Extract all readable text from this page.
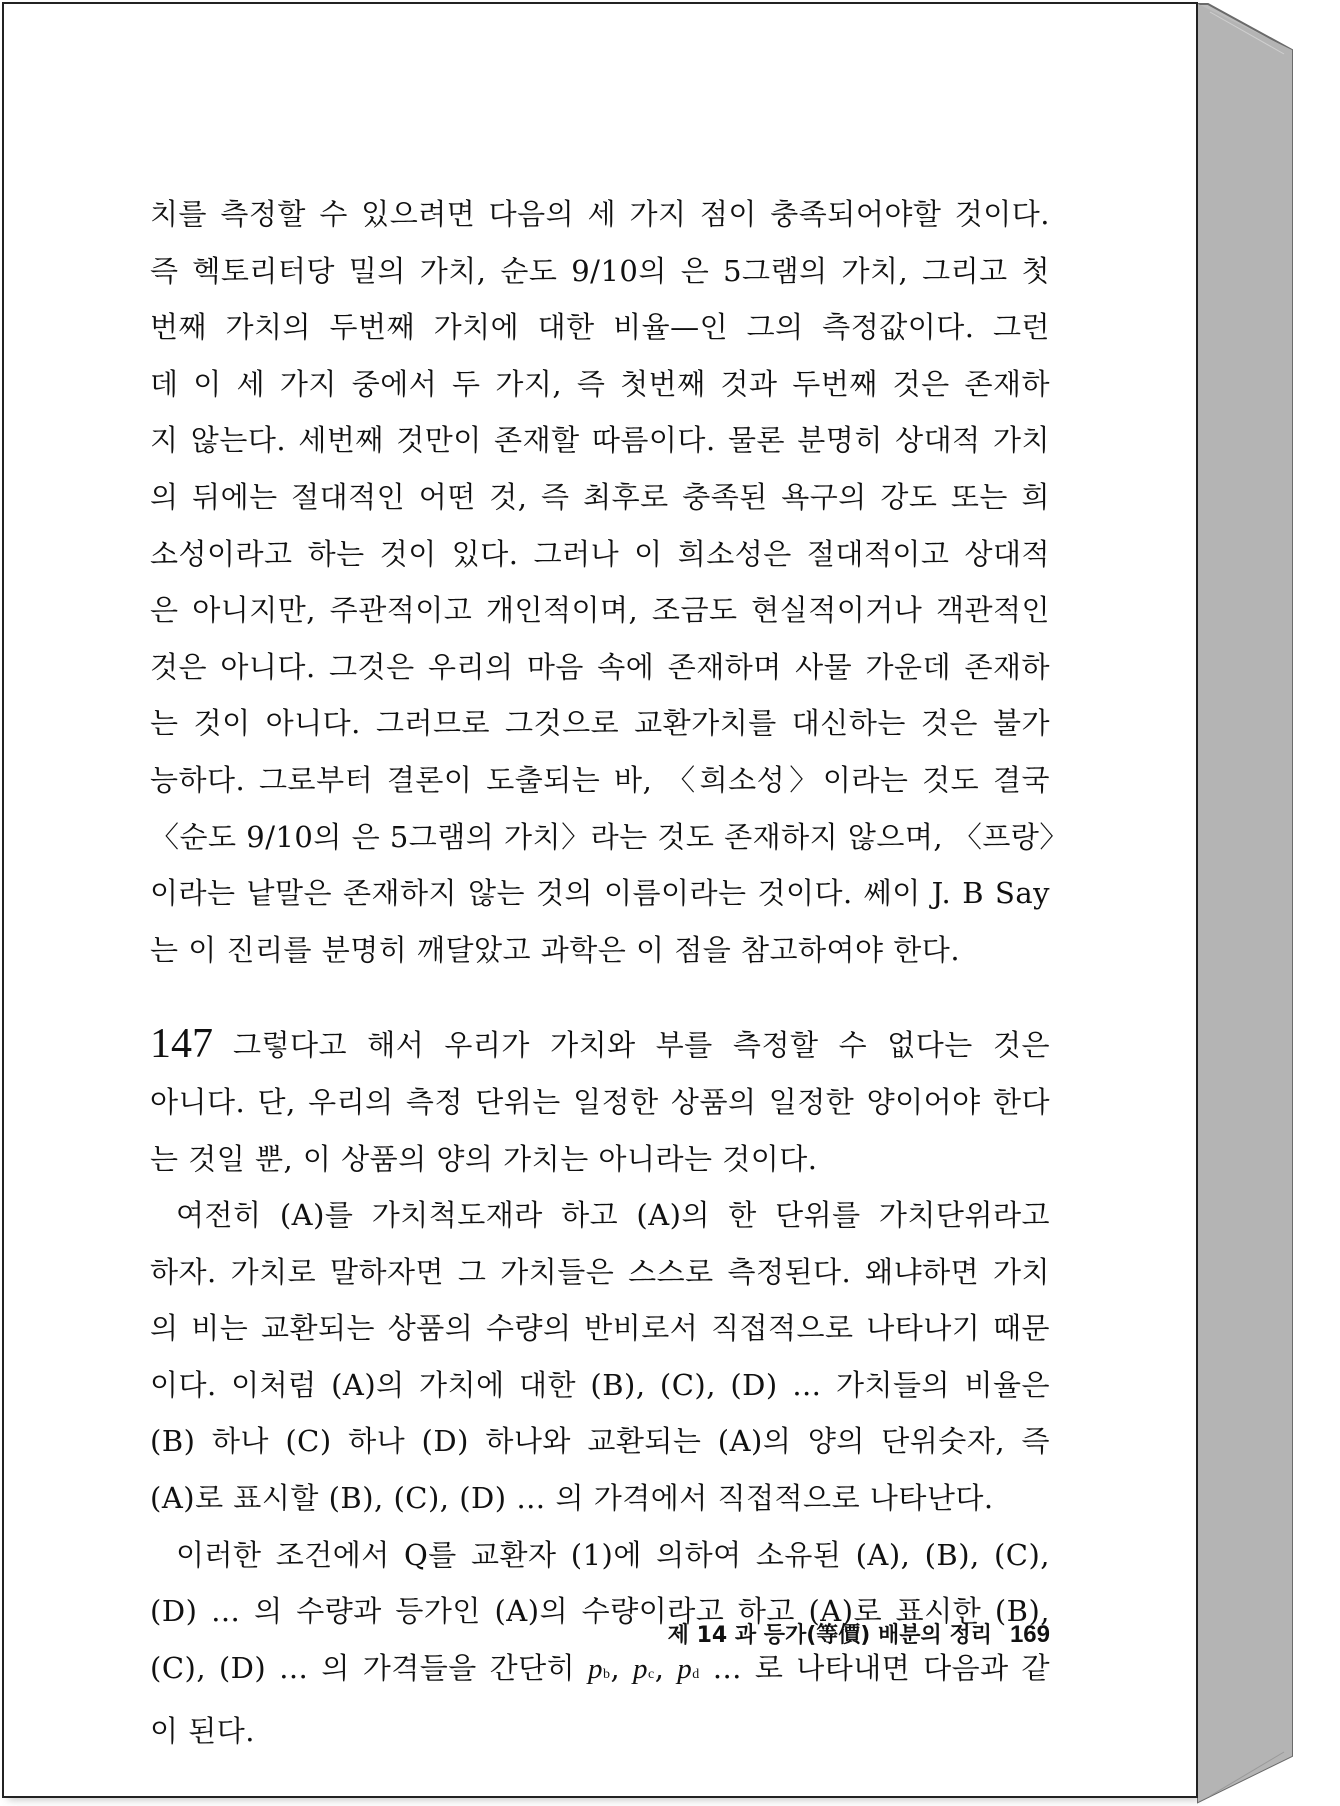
치를 측정할 수 있으려면 다음의 세 가지 점이 충족되어야할 것이다.
즉 헥토리터당 밀의 가치, 순도 9/10의 은 5그램의 가치, 그리고 첫
번째 가치의 두번째 가치에 대한 비율—인 그의 측정값이다. 그런
데 이 세 가지 중에서 두 가지, 즉 첫번째 것과 두번째 것은 존재하
지 않는다. 세번째 것만이 존재할 따름이다. 물론 분명히 상대적 가치
의 뒤에는 절대적인 어떤 것, 즉 최후로 충족된 욕구의 강도 또는 희
소성이라고 하는 것이 있다. 그러나 이 희소성은 절대적이고 상대적
은 아니지만, 주관적이고 개인적이며, 조금도 현실적이거나 객관적인
것은 아니다. 그것은 우리의 마음 속에 존재하며 사물 가운데 존재하
는 것이 아니다. 그러므로 그것으로 교환가치를 대신하는 것은 불가
능하다. 그로부터 결론이 도출되는 바, 〈희소성〉이라는 것도 결국
〈순도 9/10의 은 5그램의 가치〉라는 것도 존재하지 않으며, 〈프랑〉
이라는 낱말은 존재하지 않는 것의 이름이라는 것이다. 쎄이 J. B Say
는 이 진리를 분명히 깨달았고 과학은 이 점을 참고하여야 한다.
147 그렇다고 해서 우리가 가치와 부를 측정할 수 없다는 것은
아니다. 단, 우리의 측정 단위는 일정한 상품의 일정한 양이어야 한다
는 것일 뿐, 이 상품의 양의 가치는 아니라는 것이다.
여전히 (A)를 가치척도재라 하고 (A)의 한 단위를 가치단위라고
하자. 가치로 말하자면 그 가치들은 스스로 측정된다. 왜냐하면 가치
의 비는 교환되는 상품의 수량의 반비로서 직접적으로 나타나기 때문
이다. 이처럼 (A)의 가치에 대한 (B), (C), (D) … 가치들의 비율은
(B) 하나 (C) 하나 (D) 하나와 교환되는 (A)의 양의 단위숫자, 즉
(A)로 표시할 (B), (C), (D) … 의 가격에서 직접적으로 나타난다.
이러한 조건에서 Q를 교환자 (1)에 의하여 소유된 (A), (B), (C),
(D) … 의 수량과 등가인 (A)의 수량이라고 하고 (A)로 표시한 (B),
(C), (D) … 의 가격들을 간단히 pb, pc, pd … 로 나타내면 다음과 같
이 된다.
제 14 과 등가(等價) 배분의 정리 169
